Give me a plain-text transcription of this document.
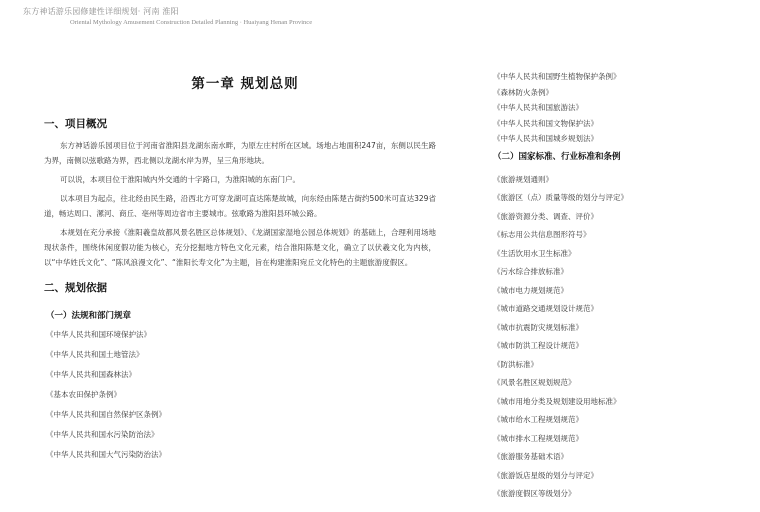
东方神话游乐园修建性详细规划· 河南 淮阳
Oriental Mythology Amusement Construction Detailed Planning · Huaiyang Henan Province
第一章 规划总则
一、项目概况

东方神话游乐园项目位于河南省淮阳县龙湖东南水畔，为原左庄村所在区域。场地占地面积247亩，东侧以民生路为界，南侧以弦歌路为界，西北侧以龙湖水岸为界，呈三角形地块。

可以说，本项目位于淮阳城内外交通的十字路口，为淮阳城的东南门户。

以本项目为起点，往北经由民生路，沿西北方可穿龙湖可直达陈楚故城，向东经由陈楚古街约500米可直达329省道，畅达周口、漯河、商丘、亳州等周边省市主要城市。弦歌路为淮阳县环城公路。

本规划在充分承接《淮阳羲皇故都风景名胜区总体规划》、《龙湖国家湿地公园总体规划》的基础上，合理利用场地现状条件，围绕休闲度假功能为核心，充分挖掘地方特色文化元素，结合淮阳陈楚文化，确立了以伏羲文化为内核，以“中华姓氏文化”、“陈风浪漫文化”、“淮阳长寿文化”为主题，旨在构建淮阳宛丘文化特色的主题旅游度假区。

二、规划依据
（一）法规和部门规章
《中华人民共和国环境保护法》
《中华人民共和国土地管法》
《中华人民共和国森林法》
《基本农田保护条例》
《中华人民共和国自然保护区条例》
《中华人民共和国水污染防治法》
《中华人民共和国大气污染防治法》
《中华人民共和国野生植物保护条例》
《森林防火条例》
《中华人民共和国旅游法》
《中华人民共和国文物保护法》
《中华人民共和国城乡规划法》
（二）国家标准、行业标准和条例
《旅游规划通则》
《旅游区（点）质量等级的划分与评定》
《旅游资源分类、调查、评价》
《标志用公共信息图形符号》
《生活饮用水卫生标准》
《污水综合排放标准》
《城市电力规划规范》
《城市道路交通规划设计规范》
《城市抗震防灾规划标准》
《城市防洪工程设计规范》
《防洪标准》
《风景名胜区规划规范》
《城市用地分类及规划建设用地标准》
《城市给水工程规划规范》
《城市排水工程规划规范》
《旅游服务基础术语》
《旅游饭店星级的划分与评定》
《旅游度假区等级划分》
